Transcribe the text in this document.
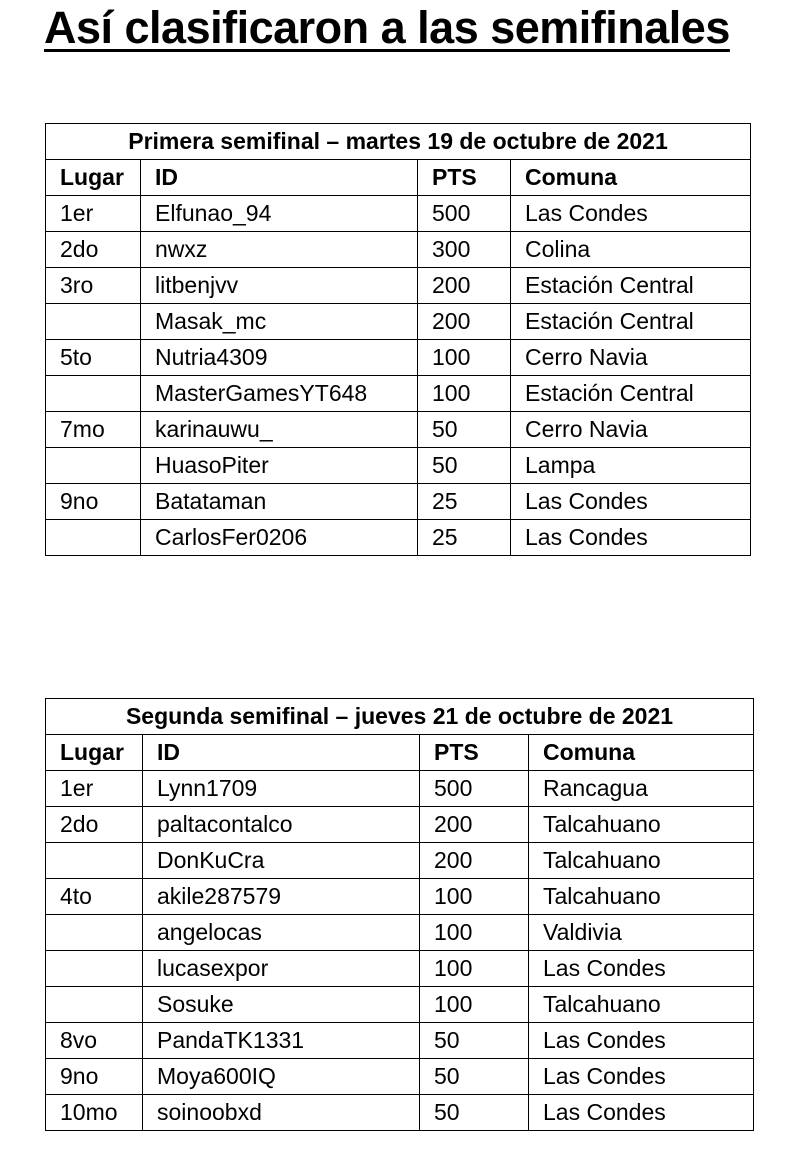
Así clasificaron a las semifinales
Primera semifinal – martes 19 de octubre de 2021			
Lugar	ID	PTS	Comuna
1er	Elfunao_94	500	Las Condes
2do	nwxz	300	Colina
3ro	litbenjvv	200	Estación Central
	Masak_mc	200	Estación Central
5to	Nutria4309	100	Cerro Navia
	MasterGamesYT648	100	Estación Central
7mo	karinauwu_	50	Cerro Navia
	HuasoPiter	50	Lampa
9no	Batataman	25	Las Condes
	CarlosFer0206	25	Las Condes
Segunda semifinal – jueves 21 de octubre de 2021			
Lugar	ID	PTS	Comuna
1er	Lynn1709	500	Rancagua
2do	paltacontalco	200	Talcahuano
	DonKuCra	200	Talcahuano
4to	akile287579	100	Talcahuano
	angelocas	100	Valdivia
	lucasexpor	100	Las Condes
	Sosuke	100	Talcahuano
8vo	PandaTK1331	50	Las Condes
9no	Moya600IQ	50	Las Condes
10mo	soinoobxd	50	Las Condes
